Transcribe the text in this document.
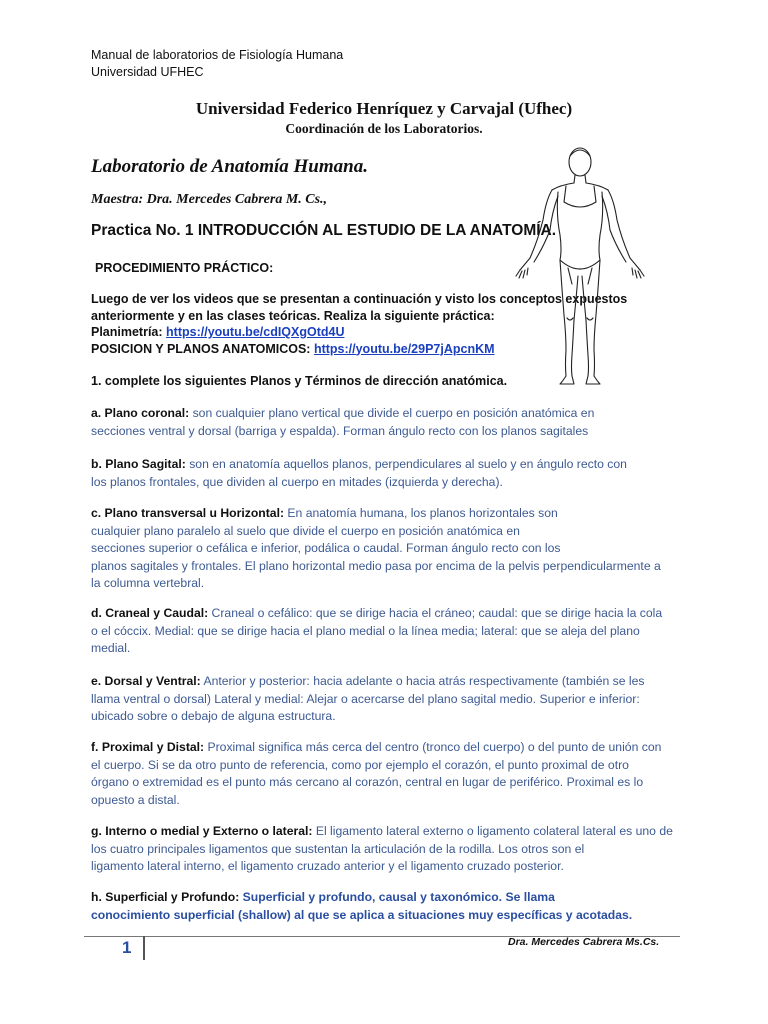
Manual de laboratorios de Fisiología Humana
Universidad UFHEC
Universidad Federico Henríquez y Carvajal (Ufhec)
Coordinación de los Laboratorios.
Laboratorio de Anatomía Humana.
Maestra: Dra. Mercedes Cabrera M. Cs.,
Practica No. 1 INTRODUCCIÓN AL ESTUDIO DE LA ANATOMÍA.
PROCEDIMIENTO PRÁCTICO:
Luego de ver los videos que se presentan a continuación y visto los conceptos expuestos
anteriormente y en las clases teóricas. Realiza la siguiente práctica:
Planimetría: https://youtu.be/cdIQXgOtd4U
POSICION Y PLANOS ANATOMICOS: https://youtu.be/29P7jApcnKM
1. complete los siguientes Planos y Términos de dirección anatómica.
a. Plano coronal: son cualquier plano vertical que divide el cuerpo en posición anatómica en
secciones ventral y dorsal (barriga y espalda). Forman ángulo recto con los planos sagitales
b. Plano Sagital: son en anatomía aquellos planos, perpendiculares al suelo y en ángulo recto con
los planos frontales, que dividen al cuerpo en mitades (izquierda y derecha).
c. Plano transversal u Horizontal: En anatomía humana, los planos horizontales son
cualquier plano paralelo al suelo que divide el cuerpo en posición anatómica en
secciones superior o cefálica e inferior, podálica o caudal. Forman ángulo recto con los
planos sagitales y frontales. El plano horizontal medio pasa por encima de la pelvis perpendicularmente a
la columna vertebral.
d. Craneal y Caudal: Craneal o cefálico: que se dirige hacia el cráneo; caudal: que se dirige hacia la cola
o el cóccix. Medial: que se dirige hacia el plano medial o la línea media; lateral: que se aleja del plano
medial.
e. Dorsal y Ventral: Anterior y posterior: hacia adelante o hacia atrás respectivamente (también se les
llama ventral o dorsal) Lateral y medial: Alejar o acercarse del plano sagital medio. Superior e inferior:
ubicado sobre o debajo de alguna estructura.
f. Proximal y Distal: Proximal significa más cerca del centro (tronco del cuerpo) o del punto de unión con
el cuerpo. Si se da otro punto de referencia, como por ejemplo el corazón, el punto proximal de otro
órgano o extremidad es el punto más cercano al corazón, central en lugar de periférico. Proximal es lo
opuesto a distal.
g. Interno o medial y Externo o lateral: El ligamento lateral externo o ligamento colateral lateral es uno de
los cuatro principales ligamentos que sustentan la articulación de la rodilla. Los otros son el
ligamento lateral interno, el ligamento cruzado anterior y el ligamento cruzado posterior.
h. Superficial y Profundo: Superficial y profundo, causal y taxonómico. Se llama
conocimiento superficial (shallow) al que se aplica a situaciones muy específicas y acotadas.
1	Dra. Mercedes Cabrera Ms.Cs.
